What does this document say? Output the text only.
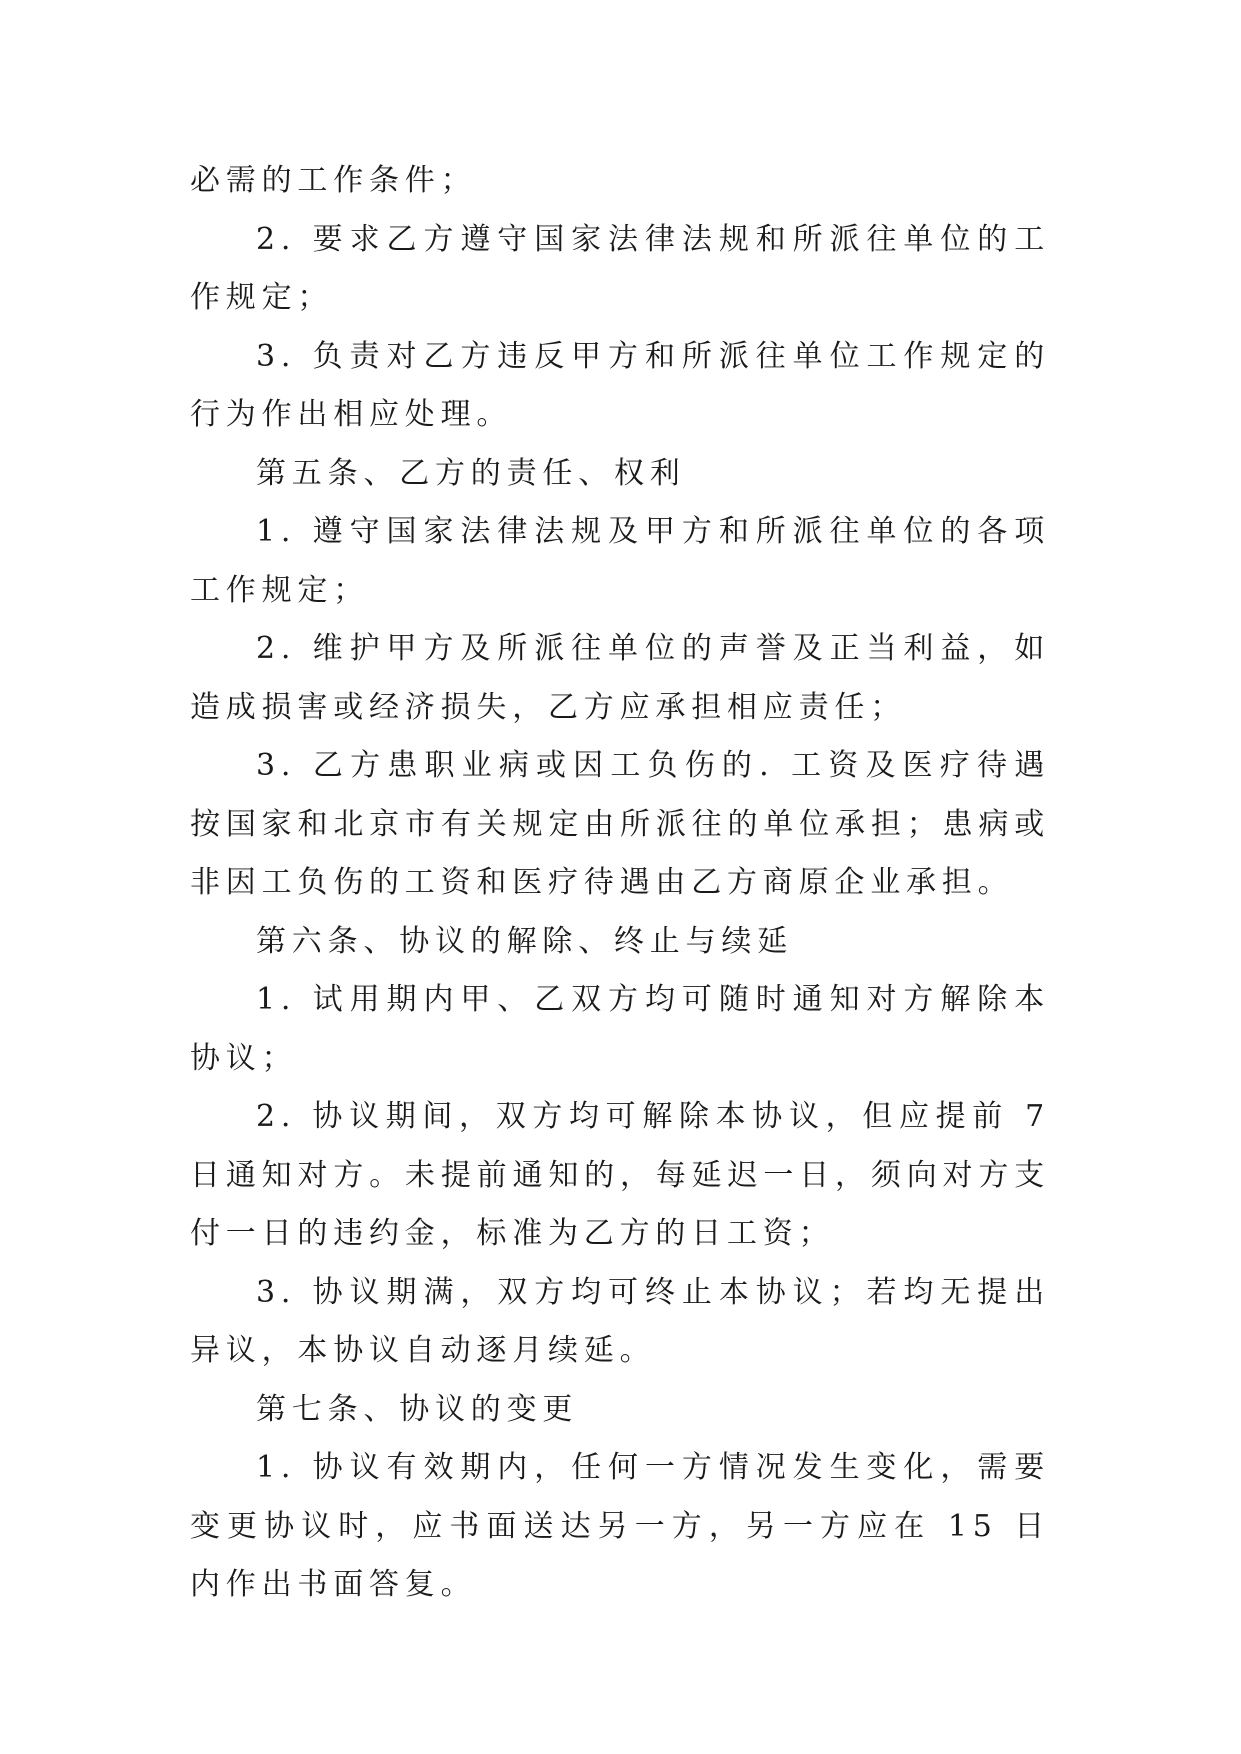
必需的工作条件；

2. 要求乙方遵守国家法律法规和所派往单位的工作规定；

3. 负责对乙方违反甲方和所派往单位工作规定的行为作出相应处理。

第五条、乙方的责任、权利

1. 遵守国家法律法规及甲方和所派往单位的各项工作规定；

2. 维护甲方及所派往单位的声誉及正当利益，如造成损害或经济损失，乙方应承担相应责任；

3. 乙方患职业病或因工负伤的. 工资及医疗待遇按国家和北京市有关规定由所派往的单位承担；患病或非因工负伤的工资和医疗待遇由乙方商原企业承担。

第六条、协议的解除、终止与续延

1. 试用期内甲、乙双方均可随时通知对方解除本协议；

2. 协议期间，双方均可解除本协议，但应提前 7 日通知对方。未提前通知的，每延迟一日，须向对方支付一日的违约金，标准为乙方的日工资；

3. 协议期满，双方均可终止本协议；若均无提出异议，本协议自动逐月续延。

第七条、协议的变更

1. 协议有效期内，任何一方情况发生变化，需要变更协议时，应书面送达另一方，另一方应在 15 日内作出书面答复。
